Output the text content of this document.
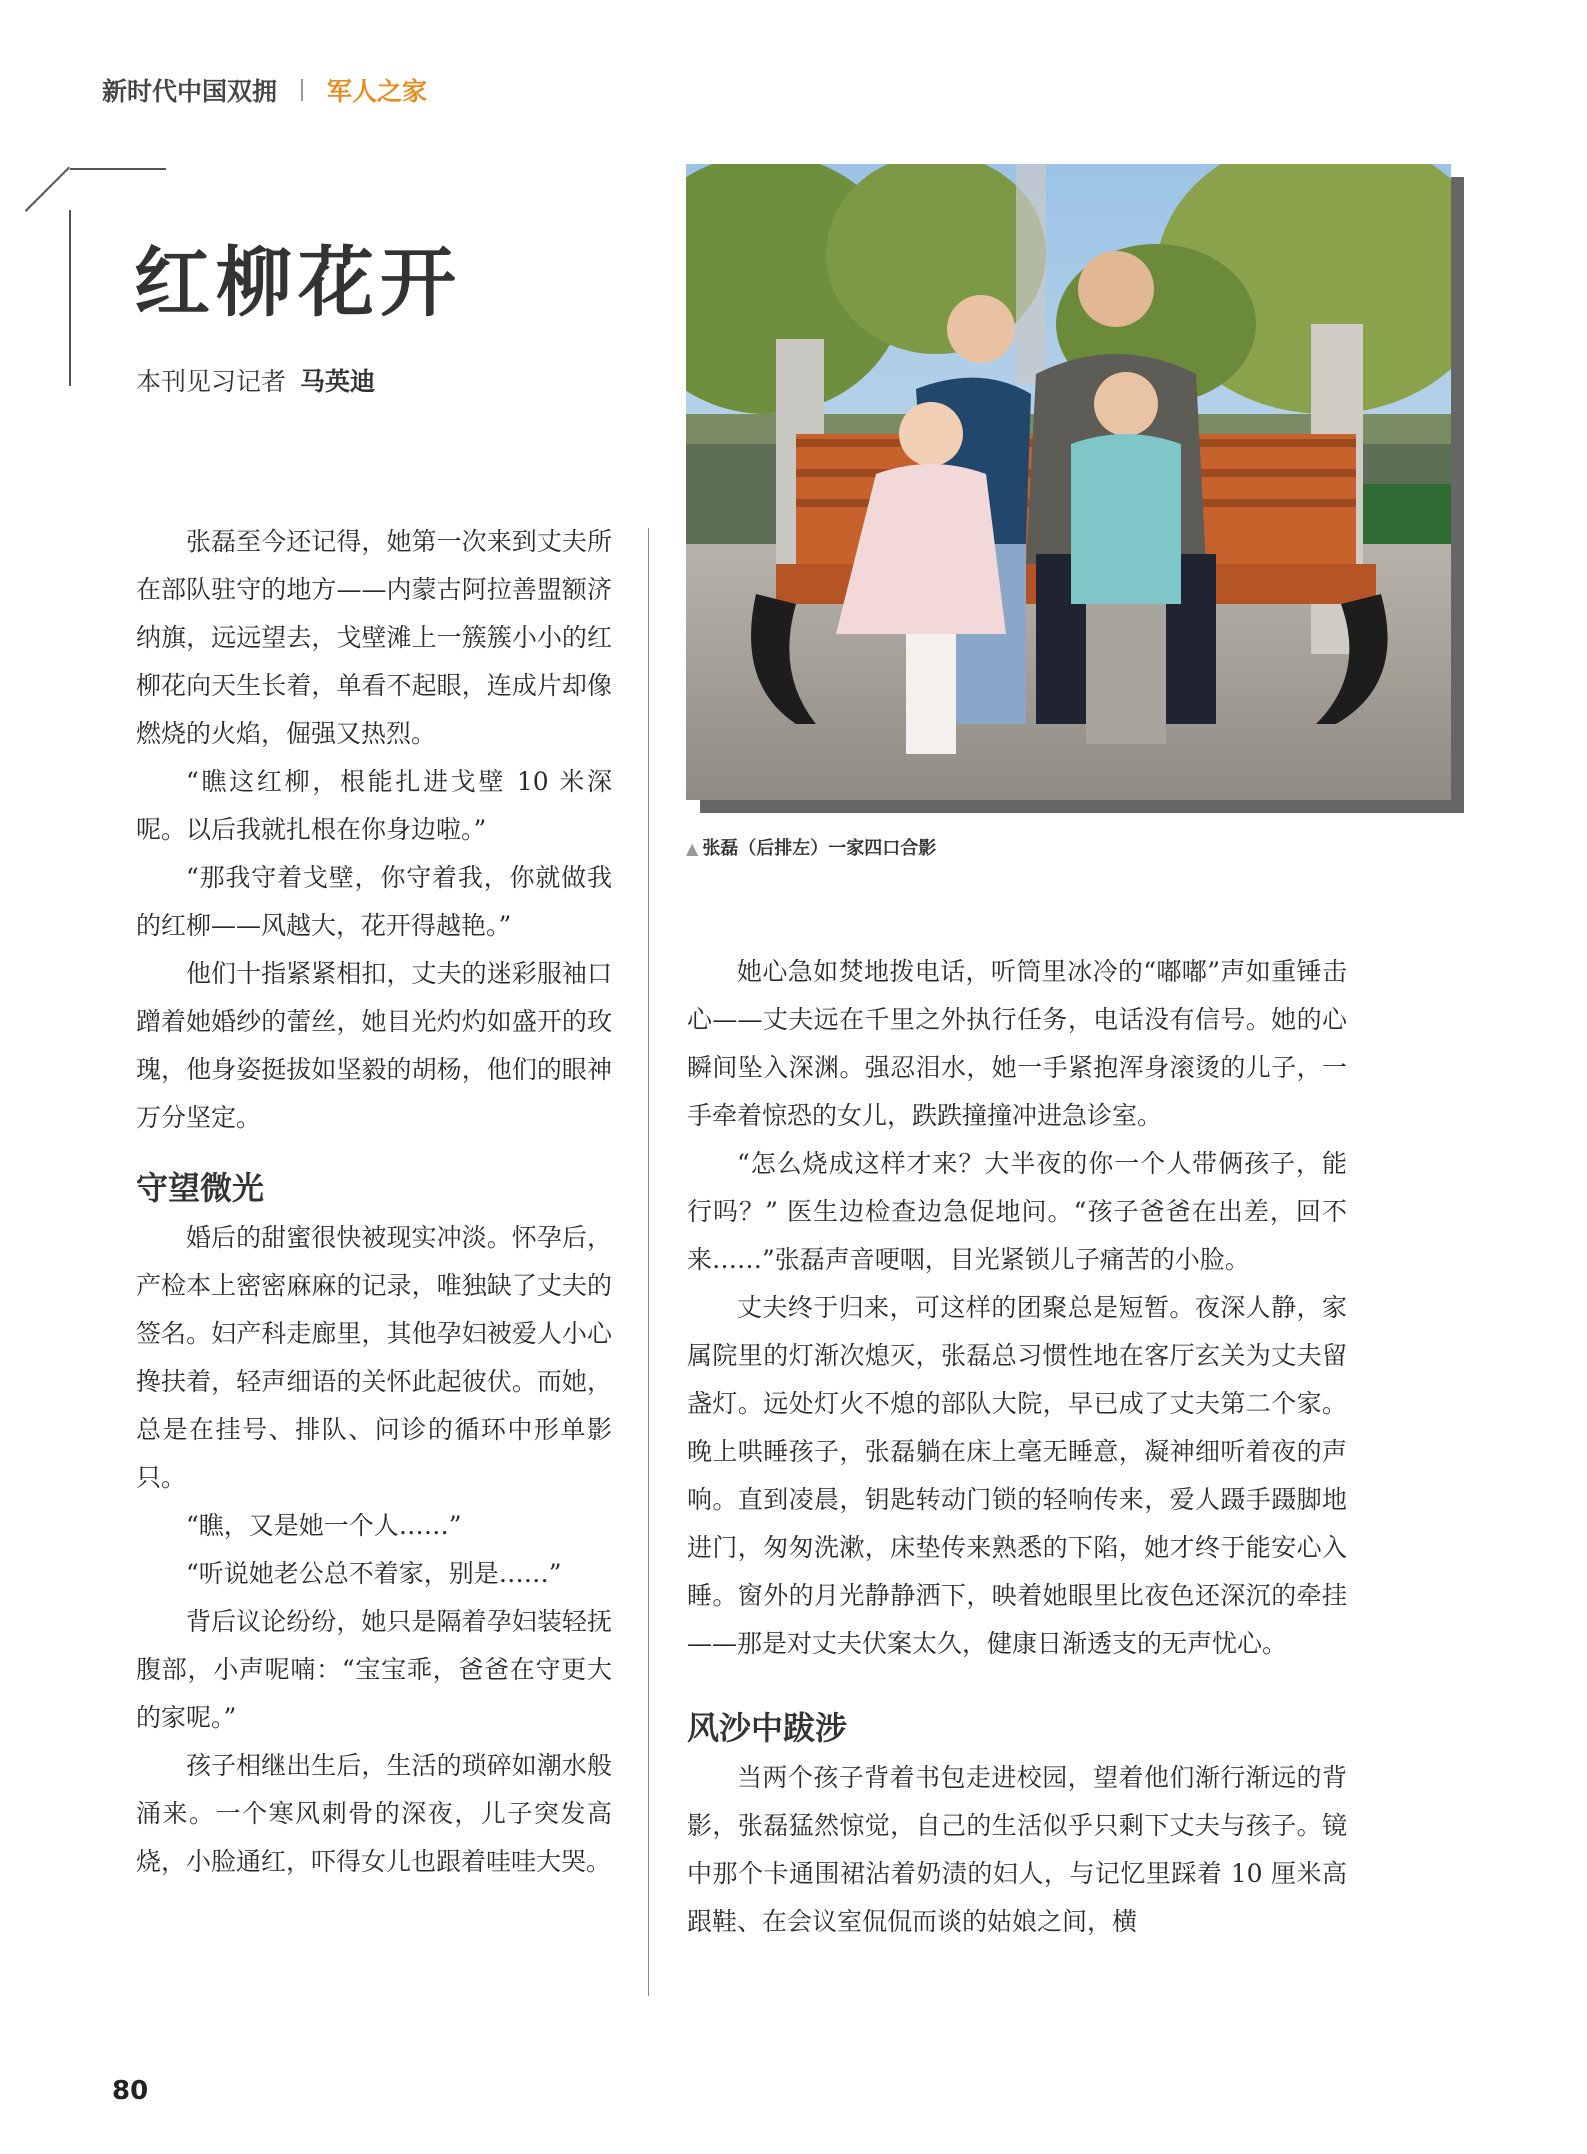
新时代中国双拥 军人之家
红柳花开
本刊见习记者 马英迪
▲ 张磊（后排左）一家四口合影

张磊至今还记得，她第一次来到丈夫所在部队驻守的地方——内蒙古阿拉善盟额济纳旗，远远望去，戈壁滩上一簇簇小小的红柳花向天生长着，单看不起眼，连成片却像燃烧的火焰，倔强又热烈。

“瞧这红柳，根能扎进戈壁 10 米深呢。以后我就扎根在你身边啦。”

“那我守着戈壁，你守着我，你就做我的红柳——风越大，花开得越艳。”

他们十指紧紧相扣，丈夫的迷彩服袖口蹭着她婚纱的蕾丝，她目光灼灼如盛开的玫瑰，他身姿挺拔如坚毅的胡杨，他们的眼神万分坚定。

守望微光

婚后的甜蜜很快被现实冲淡。怀孕后，产检本上密密麻麻的记录，唯独缺了丈夫的签名。妇产科走廊里，其他孕妇被爱人小心搀扶着，轻声细语的关怀此起彼伏。而她，总是在挂号、排队、问诊的循环中形单影只。

“瞧，又是她一个人……”

“听说她老公总不着家，别是……”

背后议论纷纷，她只是隔着孕妇装轻抚腹部，小声呢喃：“宝宝乖，爸爸在守更大的家呢。”

孩子相继出生后，生活的琐碎如潮水般涌来。一个寒风刺骨的深夜，儿子突发高烧，小脸通红，吓得女儿也跟着哇哇大哭。

她心急如焚地拨电话，听筒里冰冷的“嘟嘟”声如重锤击心——丈夫远在千里之外执行任务，电话没有信号。她的心瞬间坠入深渊。强忍泪水，她一手紧抱浑身滚烫的儿子，一手牵着惊恐的女儿，跌跌撞撞冲进急诊室。

“怎么烧成这样才来？大半夜的你一个人带俩孩子，能行吗？” 医生边检查边急促地问。“孩子爸爸在出差，回不来……”张磊声音哽咽，目光紧锁儿子痛苦的小脸。

丈夫终于归来，可这样的团聚总是短暂。夜深人静，家属院里的灯渐次熄灭，张磊总习惯性地在客厅玄关为丈夫留盏灯。远处灯火不熄的部队大院，早已成了丈夫第二个家。晚上哄睡孩子，张磊躺在床上毫无睡意，凝神细听着夜的声响。直到凌晨，钥匙转动门锁的轻响传来，爱人蹑手蹑脚地进门，匆匆洗漱，床垫传来熟悉的下陷，她才终于能安心入睡。窗外的月光静静洒下，映着她眼里比夜色还深沉的牵挂——那是对丈夫伏案太久，健康日渐透支的无声忧心。

风沙中跋涉

当两个孩子背着书包走进校园，望着他们渐行渐远的背影，张磊猛然惊觉，自己的生活似乎只剩下丈夫与孩子。镜中那个卡通围裙沾着奶渍的妇人，与记忆里踩着 10 厘米高跟鞋、在会议室侃侃而谈的姑娘之间，横

80
